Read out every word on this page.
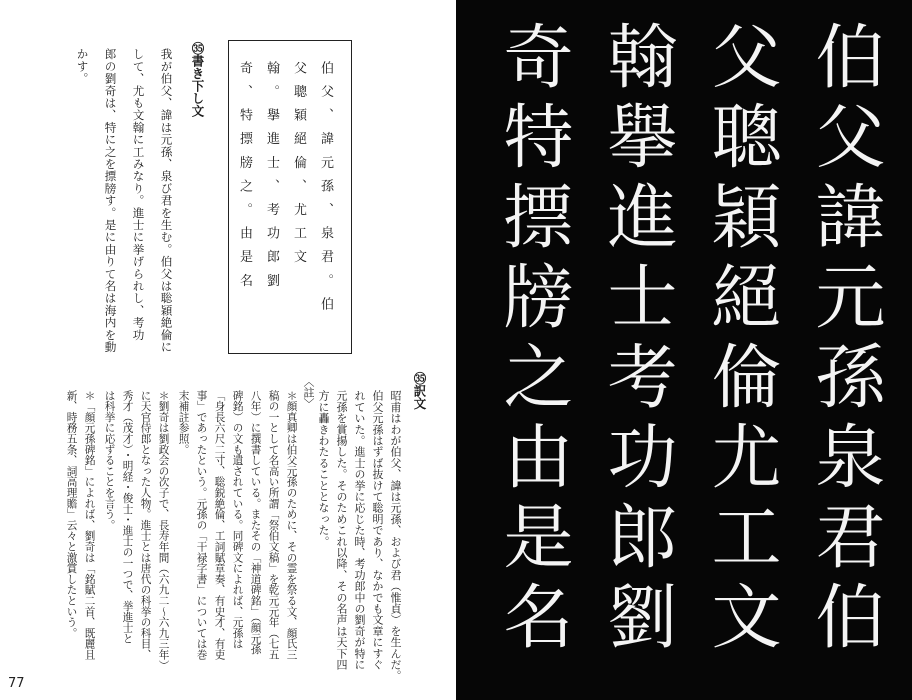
伯父、諱元孫、泉君。伯
父聰穎絕倫、尤工文
翰。擧進士、考功郎劉
奇、特摽牓之。由是名
㉟書き下し文
我が伯父、諱は元孫、泉び君を生む。伯父は聡穎絶倫に
して、尤も文翰に工みなり。進士に挙げられし、考功
郎の劉奇は、特に之を摽牓す。是に由りて名は海内を動
かす。
㉟訳文
昭甫はわが伯父、諱は元孫、および君（惟貞）を生んだ。
伯父元孫はずば抜けて聡明であり、なかでも文章にすぐ
れていた。進士の挙に応じた時、考功郎中の劉奇が特に
元孫を賞揚した。そのためこれ以降、その名声は天下四
方に轟きわたることとなった。
〈註〉
＊顔真卿は伯父元孫のために、その霊を祭る文、顔氏三
稿の一として名高い所謂「祭伯文稿」を乾元元年（七五
八年）に撰書している。またその「神道碑銘」（顔元孫
碑銘）の文も遺されている。同碑文によれば、元孫は
「身長六尺二寸、聡鋭絶倫、工詞賦章奏、有史才、有吏
事」であったという。元孫の「干禄字書」については巻
末補註参照。
＊劉奇は劉政会の次子で、長寿年間（六九二〜六九三年）
に天官侍郎となった人物。進士とは唐代の科挙の科目、
秀才（茂才）・明経・俊士・進士の一つで、挙進士と
は科挙に応ずることを言う。
＊「顔元孫碑銘」によれば、劉奇は「銘賦二首、既麗且
新、時務五条、詞高理贍」云々と激賞したという。
77
伯父諱元孫泉君伯
父聰穎絕倫尤工文
翰擧進士考功郎劉
奇特摽牓之由是名
